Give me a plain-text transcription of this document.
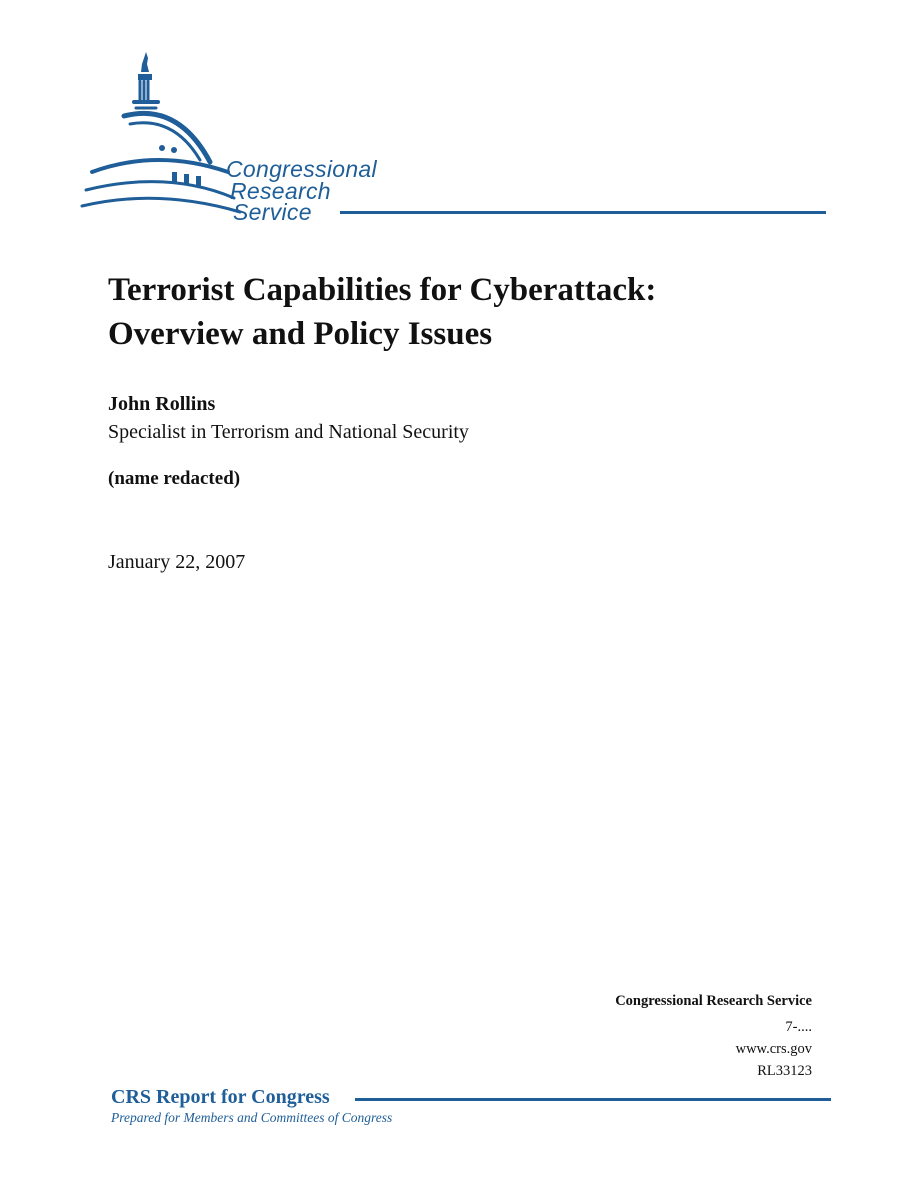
Congressional
Research
Service
Terrorist Capabilities for Cyberattack:
Overview and Policy Issues
John Rollins
Specialist in Terrorism and National Security
(name redacted)
January 22, 2007
Congressional Research Service
7-....
www.crs.gov
RL33123
CRS Report for Congress
Prepared for Members and Committees of Congress
